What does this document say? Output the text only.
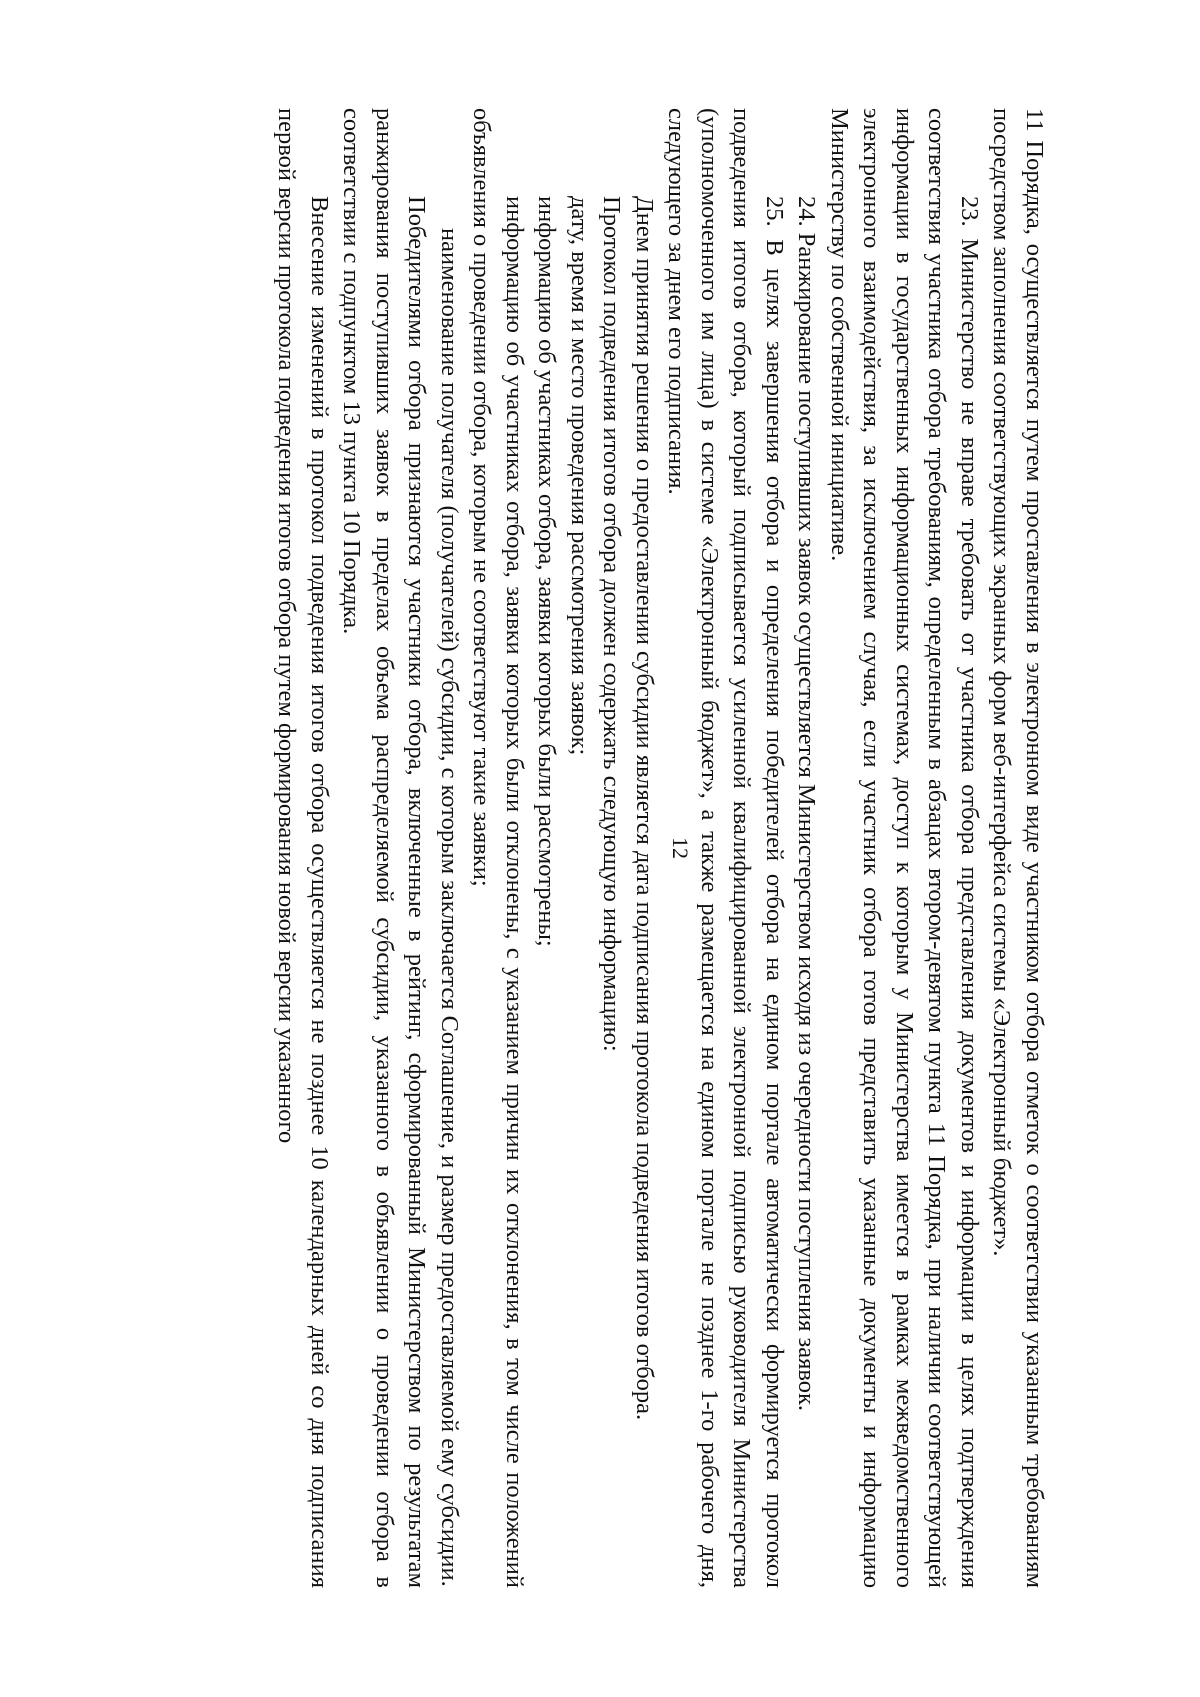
12	11 Порядка, осуществляется путем проставления в электронном виде участником отбора отметок о соответствии указанным требованиям посредством заполнения соответствующих экранных форм веб-интерфейса системы «Электронный бюджет».

23. Министерство не вправе требовать от участника отбора представления документов и информации в целях подтверждения соответствия участника отбора требованиям, определенным в абзацах втором-девятом пункта 11 Порядка, при наличии соответствующей информации в государственных информационных системах, доступ к которым у Министерства имеется в рамках межведомственного электронного взаимодействия, за исключением случая, если участник отбора готов представить указанные документы и информацию Министерству по собственной инициативе.

24. Ранжирование поступивших заявок осуществляется Министерством исходя из очередности поступления заявок.

25. В целях завершения отбора и определения победителей отбора на едином портале автоматически формируется протокол подведения итогов отбора, который подписывается усиленной квалифицированной электронной подписью руководителя Министерства (уполномоченного им лица) в системе «Электронный бюджет», а также размещается на едином портале не позднее 1-го рабочего дня, следующего за днем его подписания.

Днем принятия решения о предоставлении субсидии является дата подписания протокола подведения итогов отбора.

Протокол подведения итогов отбора должен содержать следующую информацию:

дату, время и место проведения рассмотрения заявок;

информацию об участниках отбора, заявки которых были рассмотрены;

информацию об участниках отбора, заявки которых были отклонены, с указанием причин их отклонения, в том числе положений объявления о проведении отбора, которым не соответствуют такие заявки;

наименование получателя (получателей) субсидии, с которым заключается Соглашение, и размер предоставляемой ему субсидии.

Победителями отбора признаются участники отбора, включенные в рейтинг, сформированный Министерством по результатам ранжирования поступивших заявок в пределах объема распределяемой субсидии, указанного в объявлении о проведении отбора в соответствии с подпунктом 13 пункта 10 Порядка.

Внесение изменений в протокол подведения итогов отбора осуществляется не позднее 10 календарных дней со дня подписания первой версии протокола подведения итогов отбора путем формирования новой версии указанного
